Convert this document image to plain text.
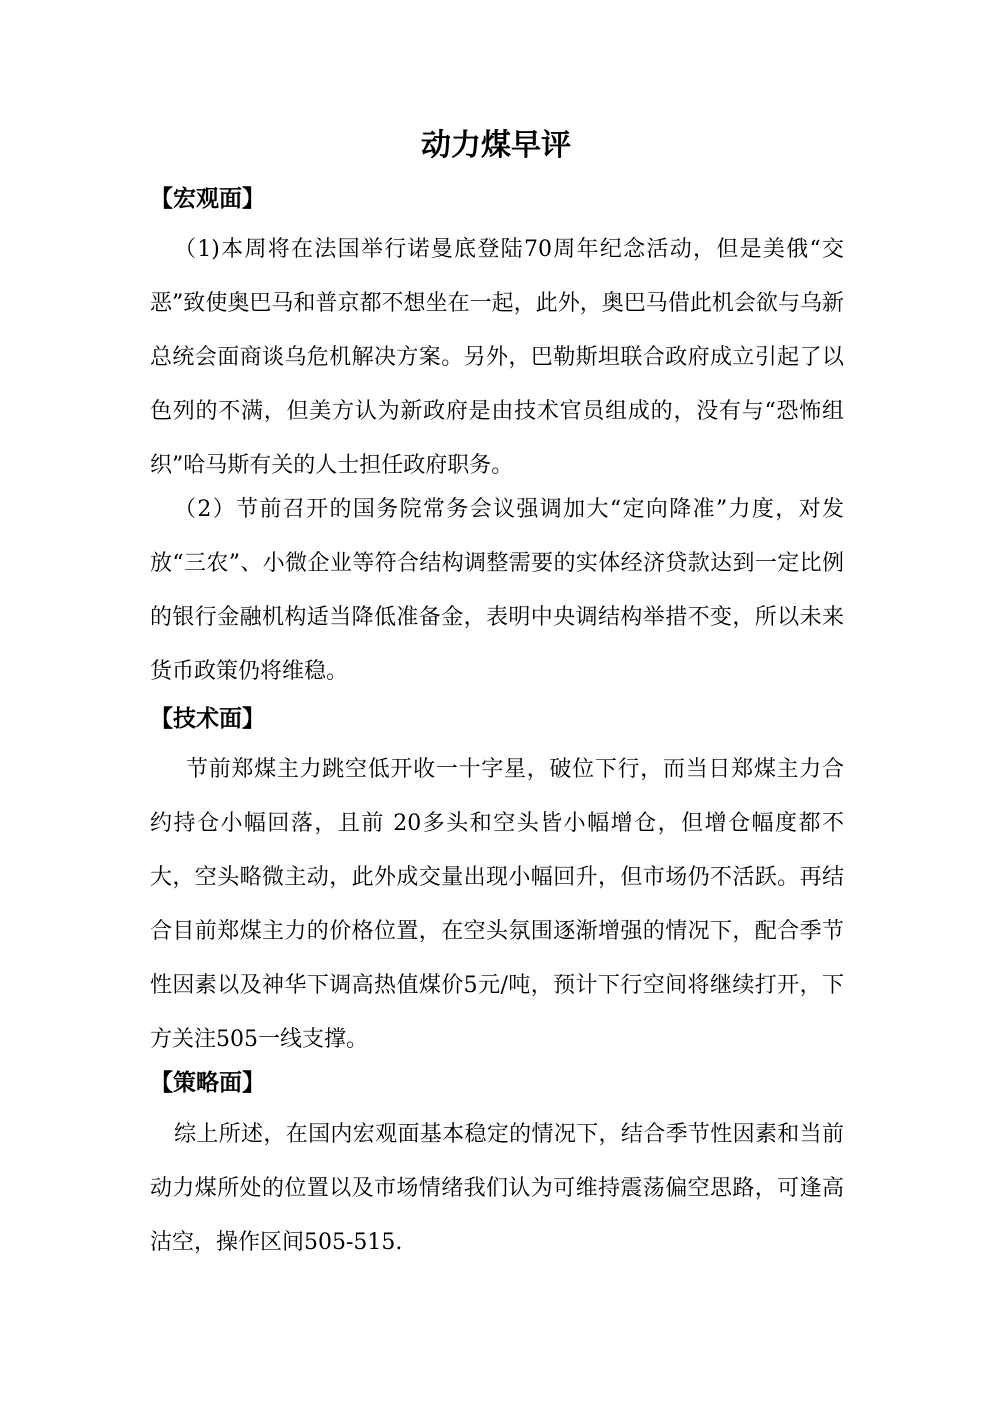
动力煤早评
【宏观面】

（1)本周将在法国举行诺曼底登陆70周年纪念活动，但是美俄“交恶”致使奥巴马和普京都不想坐在一起，此外，奥巴马借此机会欲与乌新总统会面商谈乌危机解决方案。另外，巴勒斯坦联合政府成立引起了以色列的不满，但美方认为新政府是由技术官员组成的，没有与“恐怖组织”哈马斯有关的人士担任政府职务。

（2）节前召开的国务院常务会议强调加大“定向降准”力度，对发放“三农”、小微企业等符合结构调整需要的实体经济贷款达到一定比例的银行金融机构适当降低准备金，表明中央调结构举措不变，所以未来货币政策仍将维稳。

【技术面】

节前郑煤主力跳空低开收一十字星，破位下行，而当日郑煤主力合约持仓小幅回落，且前 20多头和空头皆小幅增仓，但增仓幅度都不大，空头略微主动，此外成交量出现小幅回升，但市场仍不活跃。再结合目前郑煤主力的价格位置，在空头氛围逐渐增强的情况下，配合季节性因素以及神华下调高热值煤价5元/吨，预计下行空间将继续打开，下方关注505一线支撑。

【策略面】

综上所述，在国内宏观面基本稳定的情况下，结合季节性因素和当前动力煤所处的位置以及市场情绪我们认为可维持震荡偏空思路，可逢高沽空，操作区间505-515.
